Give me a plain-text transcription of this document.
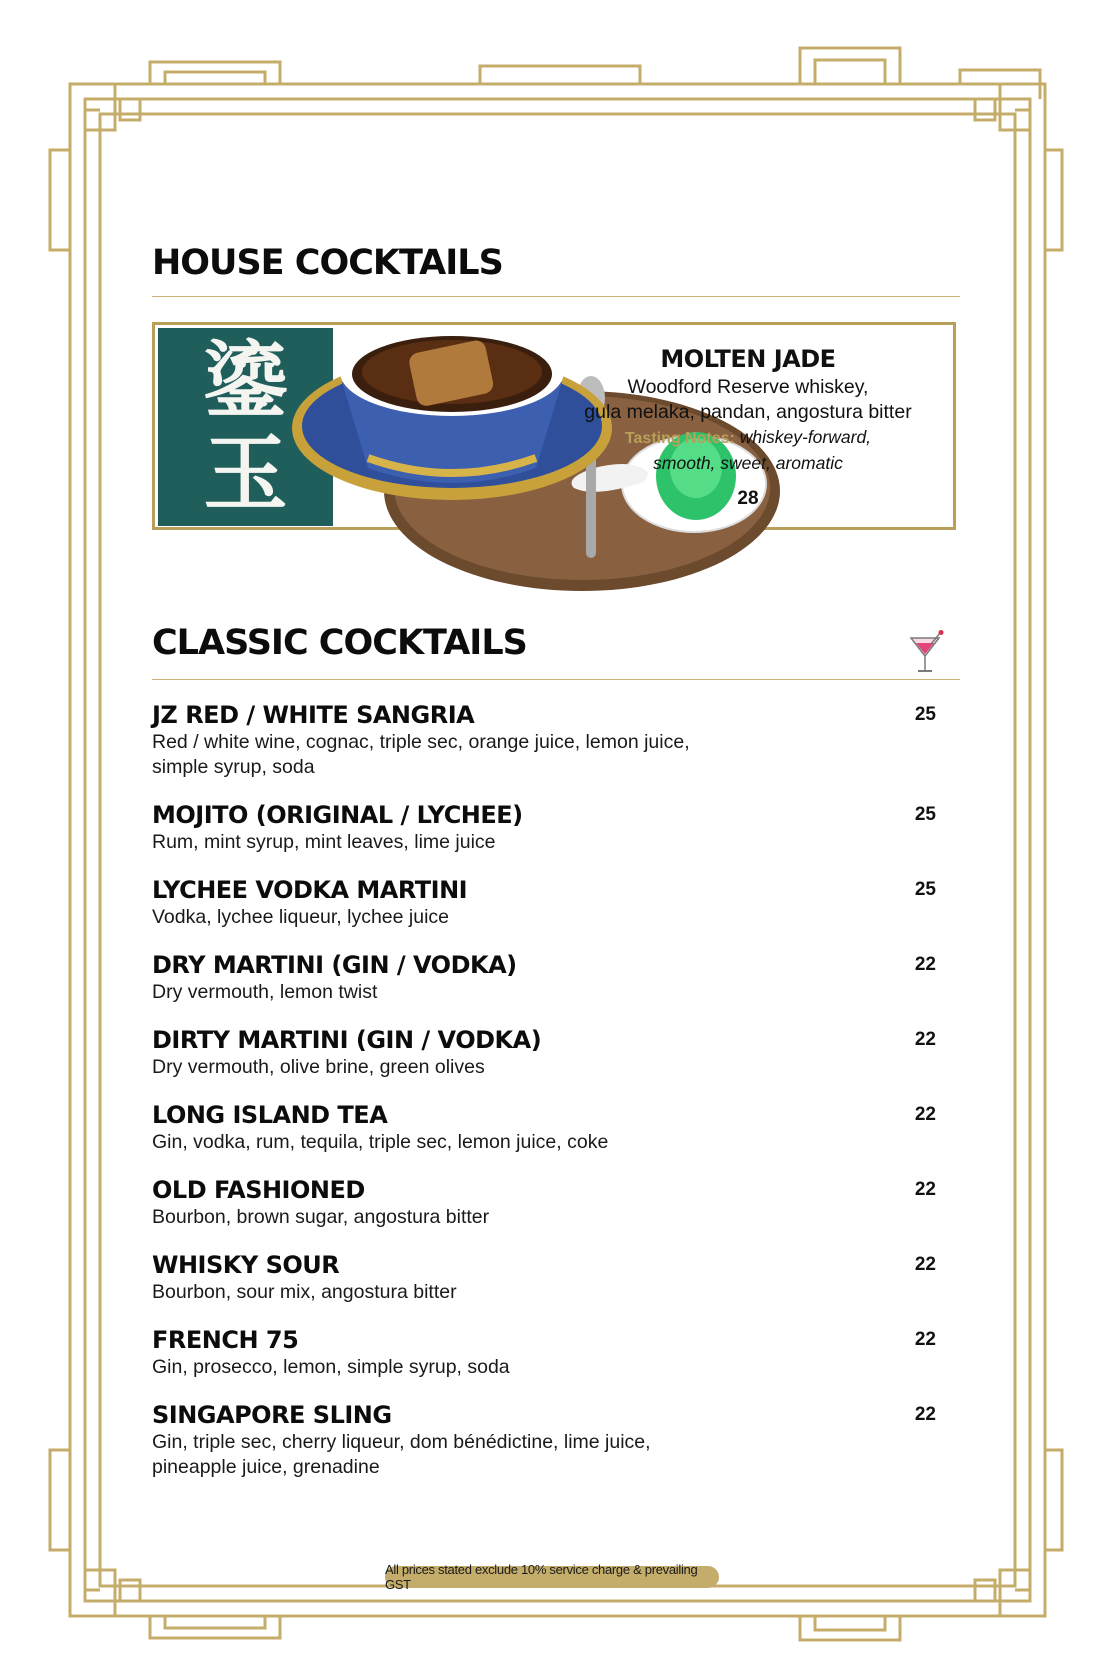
HOUSE COCKTAILS
鎏
玉
MOLTEN JADE
Woodford Reserve whiskey,
gula melaka, pandan, angostura bitter
Tasting Notes: whiskey-forward,
smooth, sweet, aromatic
28
CLASSIC COCKTAILS
JZ RED / WHITE SANGRIA
Red / white wine, cognac, triple sec, orange juice, lemon juice, simple syrup, soda
25
MOJITO (ORIGINAL / LYCHEE)
Rum, mint syrup, mint leaves, lime juice
25
LYCHEE VODKA MARTINI
Vodka, lychee liqueur, lychee juice
25
DRY MARTINI (GIN / VODKA)
Dry vermouth, lemon twist
22
DIRTY MARTINI (GIN / VODKA)
Dry vermouth, olive brine, green olives
22
LONG ISLAND TEA
Gin, vodka, rum, tequila, triple sec, lemon juice, coke
22
OLD FASHIONED
Bourbon, brown sugar, angostura bitter
22
WHISKY SOUR
Bourbon, sour mix, angostura bitter
22
FRENCH 75
Gin, prosecco, lemon, simple syrup, soda
22
SINGAPORE SLING
Gin, triple sec, cherry liqueur, dom bénédictine, lime juice, pineapple juice, grenadine
22
All prices stated exclude 10% service charge & prevailing GST
